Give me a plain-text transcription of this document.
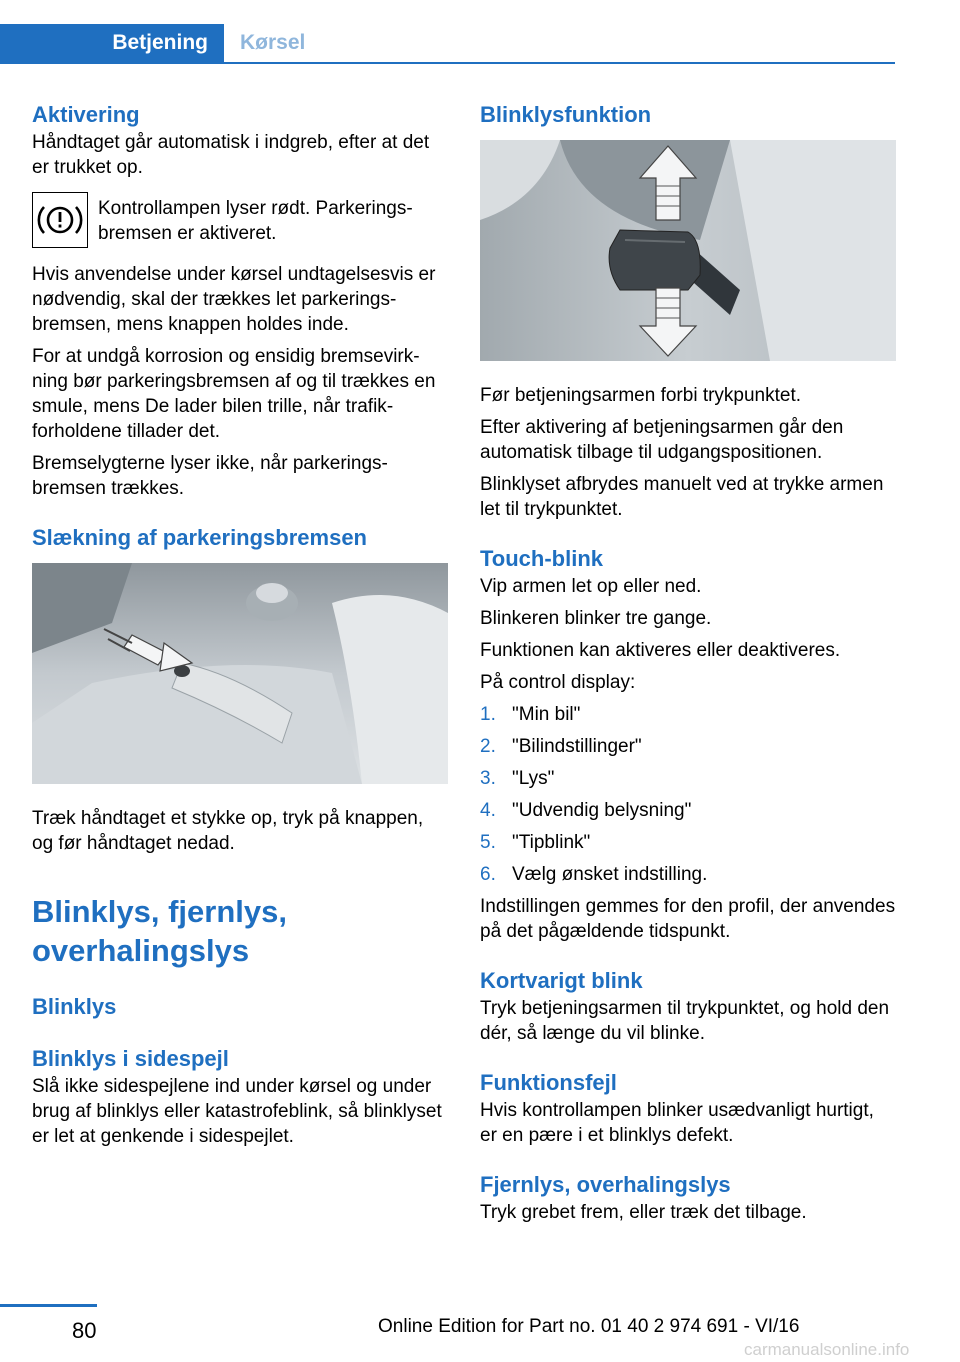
Betjening	Kørsel
Aktivering

Håndtaget går automatisk i indgreb, efter at det er trukket op.

Kontrollampen lyser rødt. Parkeringsbremsen er aktiveret.

Hvis anvendelse under kørsel undtagelsesvis er nødvendig, skal der trækkes let parkeringsbremsen, mens knappen holdes inde.

For at undgå korrosion og ensidig bremsevirkning bør parkeringsbremsen af og til trækkes en smule, mens De lader bilen trille, når trafikforholdene tillader det.

Bremselygterne lyser ikke, når parkeringsbremsen trækkes.

Slækning af parkeringsbremsen

Træk håndtaget et stykke op, tryk på knappen, og før håndtaget nedad.

Blinklys, fjernlys, overhalingslys
Blinklys
Blinklys i sidespejl

Slå ikke sidespejlene ind under kørsel og under brug af blinklys eller katastrofeblink, så blinklyset er let at genkende i sidespejlet.

Blinklysfunktion

Før betjeningsarmen forbi trykpunktet.

Efter aktivering af betjeningsarmen går den automatisk tilbage til udgangspositionen.

Blinklyset afbrydes manuelt ved at trykke armen let til trykpunktet.

Touch-blink

Vip armen let op eller ned.

Blinkeren blinker tre gange.

Funktionen kan aktiveres eller deaktiveres.

På control display:

1. "Min bil"
2. "Bilindstillinger"
3. "Lys"
4. "Udvendig belysning"
5. "Tipblink"
6. Vælg ønsket indstilling.

Indstillingen gemmes for den profil, der anvendes på det pågældende tidspunkt.

Kortvarigt blink

Tryk betjeningsarmen til trykpunktet, og hold den dér, så længe du vil blinke.

Funktionsfejl

Hvis kontrollampen blinker usædvanligt hurtigt, er en pære i et blinklys defekt.

Fjernlys, overhalingslys

Tryk grebet frem, eller træk det tilbage.

80	Online Edition for Part no. 01 40 2 974 691 - VI/16
carmanualsonline.info
